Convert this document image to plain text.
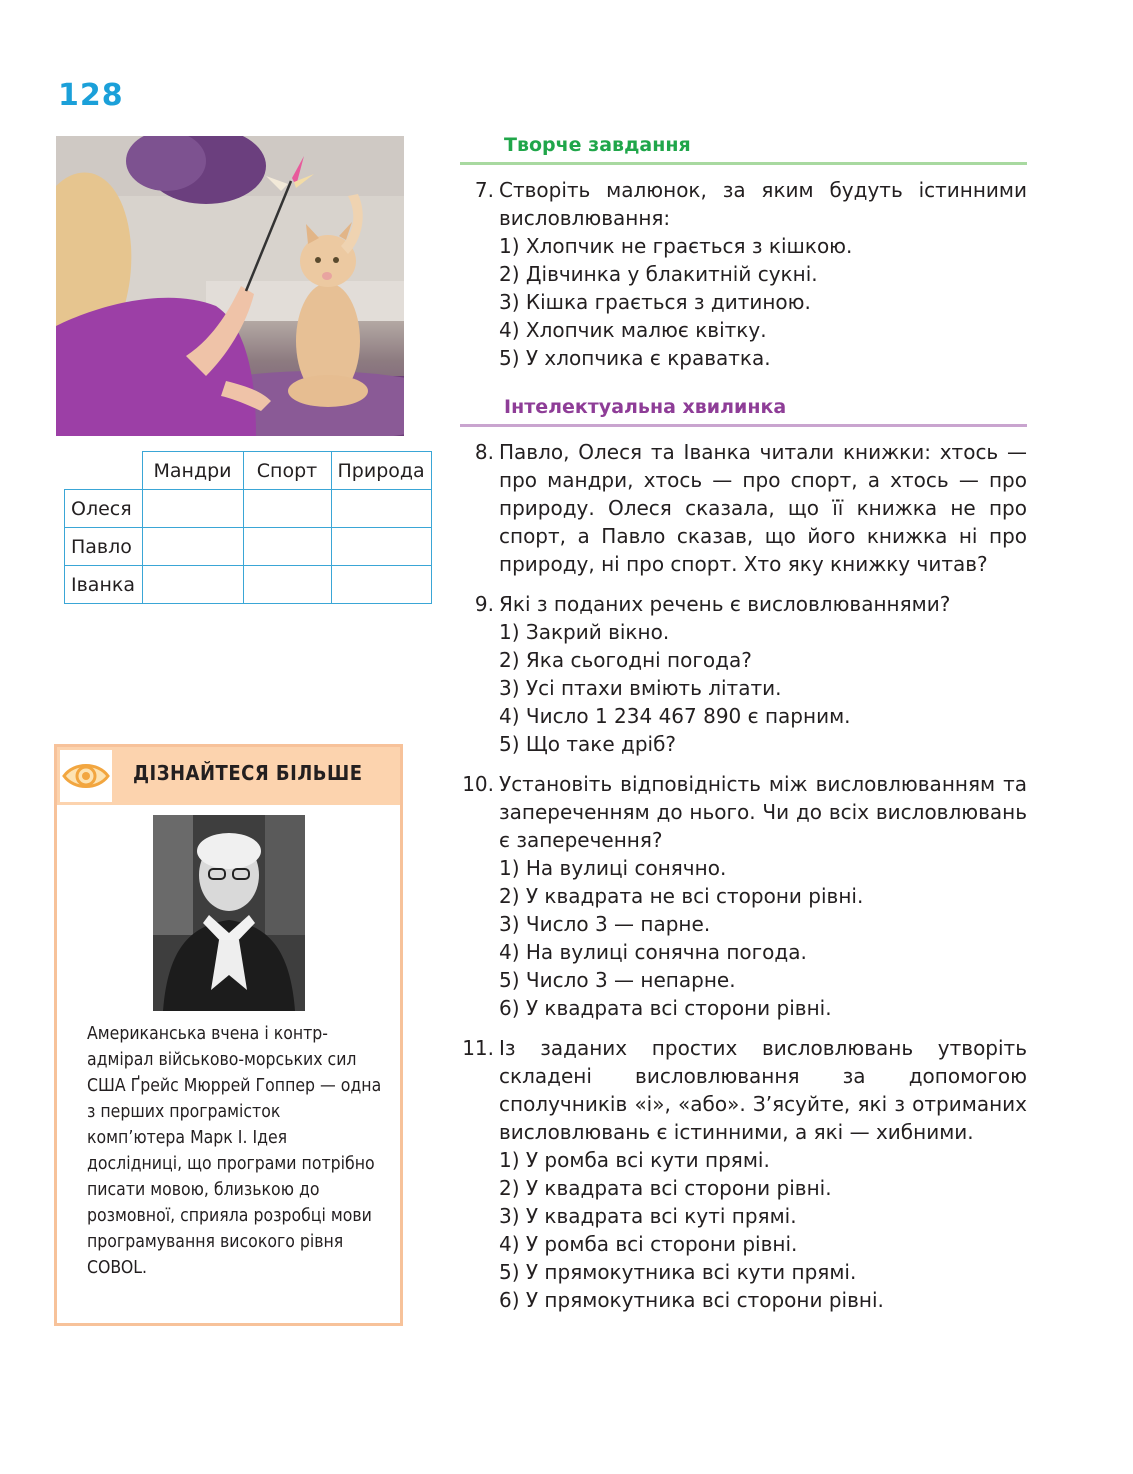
128
	Мандри	Спорт	Природа
Олеся			
Павло			
Іванка			
Творче завдання
7. Створіть малюнок, за яким будуть істинними висловлювання:
1) Хлопчик не грається з кішкою.
2) Дівчинка у блакитній сукні.
3) Кішка грається з дитиною.
4) Хлопчик малює квітку.
5) У хлопчика є краватка.
Інтелектуальна хвилинка
8. Павло, Олеся та Іванка читали книжки: хтось — про мандри, хтось — про спорт, а хтось — про природу. Олеся сказала, що її книжка не про спорт, а Павло сказав, що його книжка ні про природу, ні про спорт. Хто яку книжку читав?
9. Які з поданих речень є висловлюваннями?
1) Закрий вікно.
2) Яка сьогодні погода?
3) Усі птахи вміють літати.
4) Число 1 234 467 890 є парним.
5) Що таке дріб?
10. Установіть відповідність між висловлюванням та запереченням до нього. Чи до всіх висловлювань є заперечення?
1) На вулиці сонячно.
2) У квадрата не всі сторони рівні.
3) Число 3 — парне.
4) На вулиці сонячна погода.
5) Число 3 — непарне.
6) У квадрата всі сторони рівні.
11. Із заданих простих висловлювань утворіть складені висловлювання за допомогою сполучників «і», «або». З’ясуйте, які з отриманих висловлювань є істинними, а які — хибними.
1) У ромба всі кути прямі.
2) У квадрата всі сторони рівні.
3) У квадрата всі куті прямі.
4) У ромба всі сторони рівні.
5) У прямокутника всі кути прямі.
6) У прямокутника всі сторони рівні.
ДІЗНАЙТЕСЯ БІЛЬШЕ
Американська вчена і контр-адмірал військово-морських сил США Ґрейс Мюррей Гоппер — одна з перших програмісток комп’ютера Марк I. Ідея дослідниці, що програми потрібно писати мовою, близькою до розмовної, сприяла розробці мови програмування високого рівня COBOL.
